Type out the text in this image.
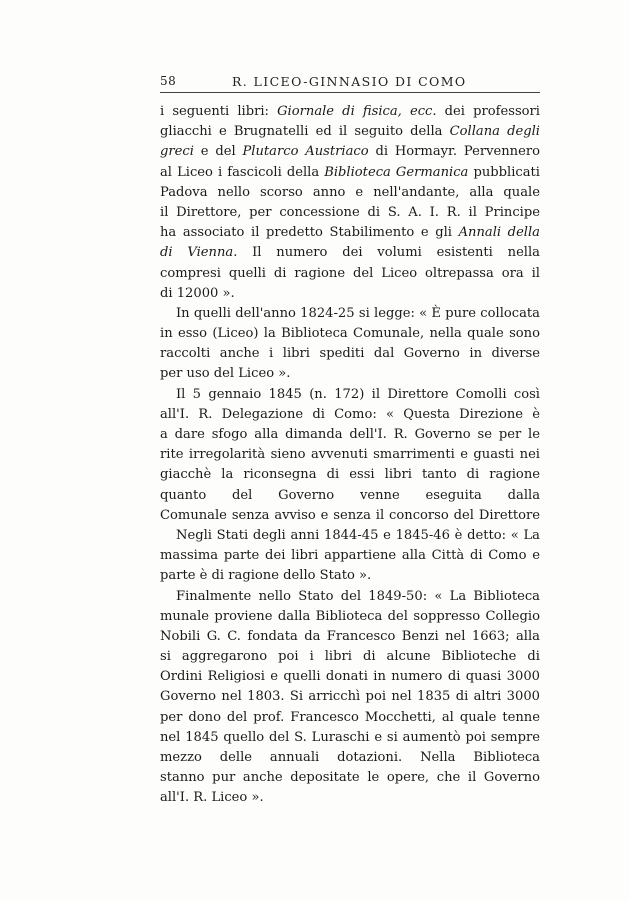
58	R. LICEO-GINNASIO DI COMO
i seguenti libri: Giornale di fisica, ecc. dei professori
gliacchi e Brugnatelli ed il seguito della Collana degli
greci e del Plutarco Austriaco di Hormayr. Pervennero
al Liceo i fascicoli della Biblioteca Germanica pubblicati
Padova nello scorso anno e nell'andante, alla quale
il Direttore, per concessione di S. A. I. R. il Principe
ha associato il predetto Stabilimento e gli Annali della
di Vienna. Il numero dei volumi esistenti nella
compresi quelli di ragione del Liceo oltrepassa ora il
di 12000 ».
In quelli dell'anno 1824-25 si legge: « È pure collocata
in esso (Liceo) la Biblioteca Comunale, nella quale sono
raccolti anche i libri spediti dal Governo in diverse
per uso del Liceo ».
Il 5 gennaio 1845 (n. 172) il Direttore Comolli così
all'I. R. Delegazione di Como: « Questa Direzione è
a dare sfogo alla dimanda dell'I. R. Governo se per le
rite irregolarità sieno avvenuti smarrimenti e guasti nei
giacchè la riconsegna di essi libri tanto di ragione
quanto del Governo venne eseguita dalla
Comunale senza avviso e senza il concorso del Direttore
Negli Stati degli anni 1844-45 e 1845-46 è detto: « La
massima parte dei libri appartiene alla Città di Como e
parte è di ragione dello Stato ».
Finalmente nello Stato del 1849-50: « La Biblioteca
munale proviene dalla Biblioteca del soppresso Collegio
Nobili G. C. fondata da Francesco Benzi nel 1663; alla
si aggregarono poi i libri di alcune Biblioteche di
Ordini Religiosi e quelli donati in numero di quasi 3000
Governo nel 1803. Si arricchì poi nel 1835 di altri 3000
per dono del prof. Francesco Mocchetti, al quale tenne
nel 1845 quello del S. Luraschi e si aumentò poi sempre
mezzo delle annuali dotazioni. Nella Biblioteca
stanno pur anche depositate le opere, che il Governo
all'I. R. Liceo ».
